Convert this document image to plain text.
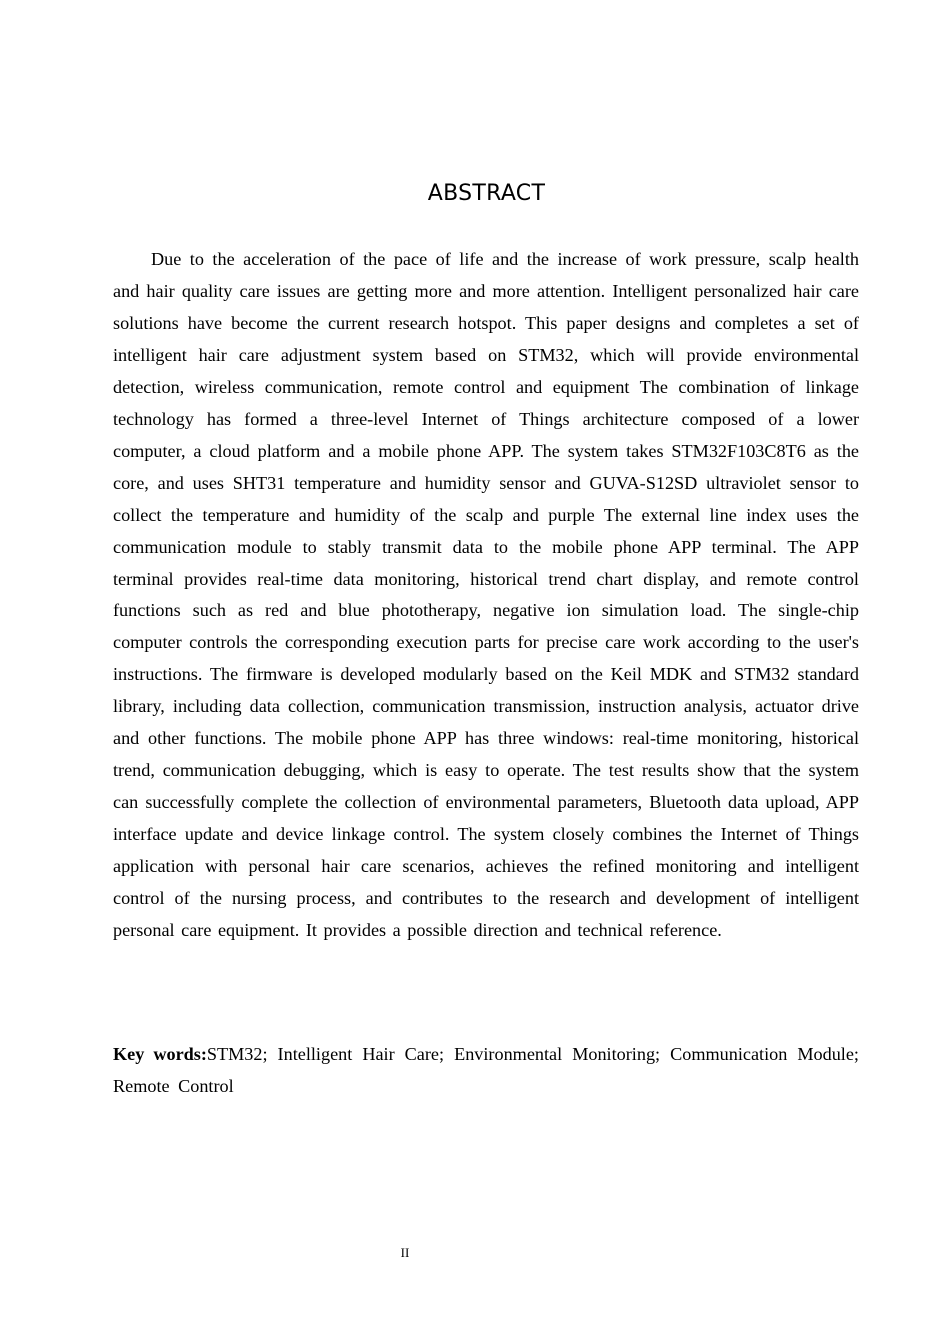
ABSTRACT

Due to the acceleration of the pace of life and the increase of work pressure, scalp health and hair quality care issues are getting more and more attention. Intelligent personalized hair care solutions have become the current research hotspot. This paper designs and completes a set of intelligent hair care adjustment system based on STM32, which will provide environmental detection, wireless communication, remote control and equipment The combination of linkage technology has formed a three-level Internet of Things architecture composed of a lower computer, a cloud platform and a mobile phone APP. The system takes STM32F103C8T6 as the core, and uses SHT31 temperature and humidity sensor and GUVA-S12SD ultraviolet sensor to collect the temperature and humidity of the scalp and purple The external line index uses the communication module to stably transmit data to the mobile phone APP terminal. The APP terminal provides real-time data monitoring, historical trend chart display, and remote control functions such as red and blue phototherapy, negative ion simulation load. The single-chip computer controls the corresponding execution parts for precise care work according to the user's instructions. The firmware is developed modularly based on the Keil MDK and STM32 standard library, including data collection, communication transmission, instruction analysis, actuator drive and other functions. The mobile phone APP has three windows: real-time monitoring, historical trend, communication debugging, which is easy to operate. The test results show that the system can successfully complete the collection of environmental parameters, Bluetooth data upload, APP interface update and device linkage control. The system closely combines the Internet of Things application with personal hair care scenarios, achieves the refined monitoring and intelligent control of the nursing process, and contributes to the research and development of intelligent personal care equipment. It provides a possible direction and technical reference.

Key words:STM32; Intelligent Hair Care; Environmental Monitoring; Communication Module; Remote Control

II
